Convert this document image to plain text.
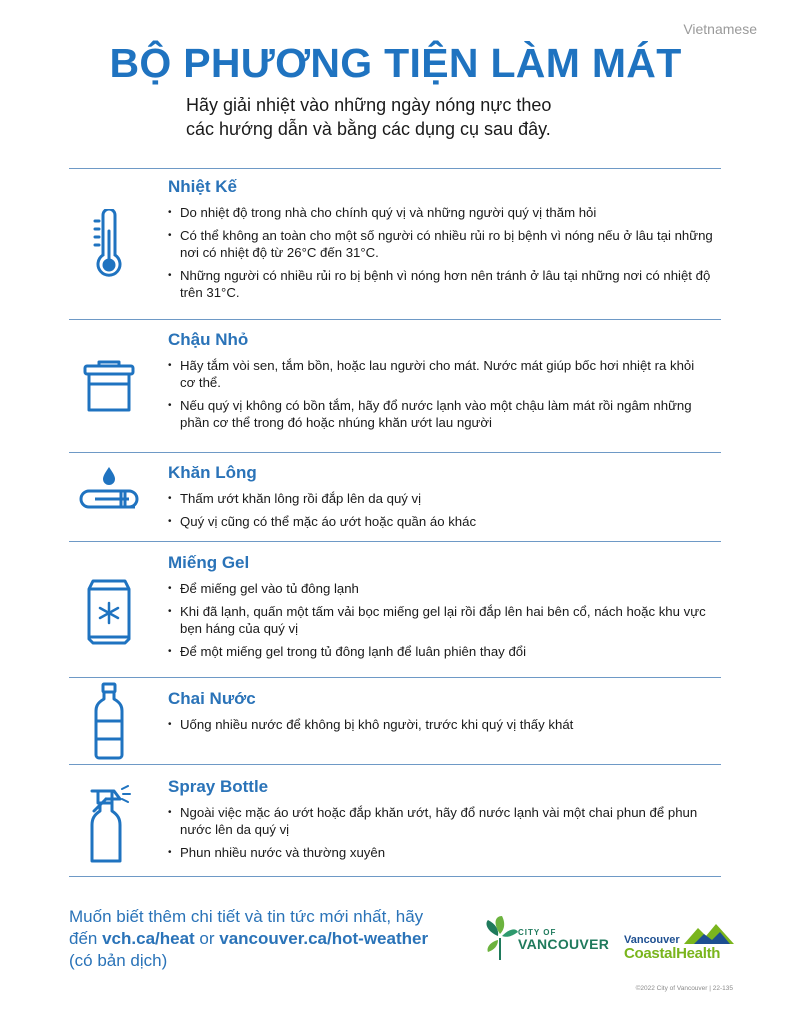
Vietnamese
BỘ PHƯƠNG TIỆN LÀM MÁT
Hãy giải nhiệt vào những ngày nóng nực theo
các hướng dẫn và bằng các dụng cụ sau đây.
Nhiệt Kế
• Do nhiệt độ trong nhà cho chính quý vị và những người quý vị thăm hỏi
• Có thể không an toàn cho một số người có nhiều rủi ro bị bệnh vì nóng nếu ở lâu tại những nơi có nhiệt độ từ 26°C đến 31°C.
• Những người có nhiều rủi ro bị bệnh vì nóng hơn nên tránh ở lâu tại những nơi có nhiệt độ trên 31°C.
Chậu Nhỏ
• Hãy tắm vòi sen, tắm bồn, hoặc lau người cho mát. Nước mát giúp bốc hơi nhiệt ra khỏi cơ thể.
• Nếu quý vị không có bồn tắm, hãy đổ nước lạnh vào một chậu làm mát rồi ngâm những phần cơ thể trong đó hoặc nhúng khăn ướt lau người
Khăn Lông
• Thấm ướt khăn lông rồi đắp lên da quý vị
• Quý vị cũng có thể mặc áo ướt hoặc quần áo khác
Miếng Gel
• Để miếng gel vào tủ đông lạnh
• Khi đã lạnh, quấn một tấm vải bọc miếng gel lại rồi đắp lên hai bên cổ, nách hoặc khu vực bẹn háng của quý vị
• Để một miếng gel trong tủ đông lạnh để luân phiên thay đổi
Chai Nước
• Uống nhiều nước để không bị khô người, trước khi quý vị thấy khát
Spray Bottle
• Ngoài việc mặc áo ướt hoặc đắp khăn ướt, hãy đổ nước lạnh vài một chai phun để phun nước lên da quý vị
• Phun nhiều nước và thường xuyên
Muốn biết thêm chi tiết và tin tức mới nhất, hãy
đến vch.ca/heat or vancouver.ca/hot-weather
(có bản dịch)
CITY OF
VANCOUVER Vancouver
CoastalHealth
©2022 City of Vancouver | 22-135
